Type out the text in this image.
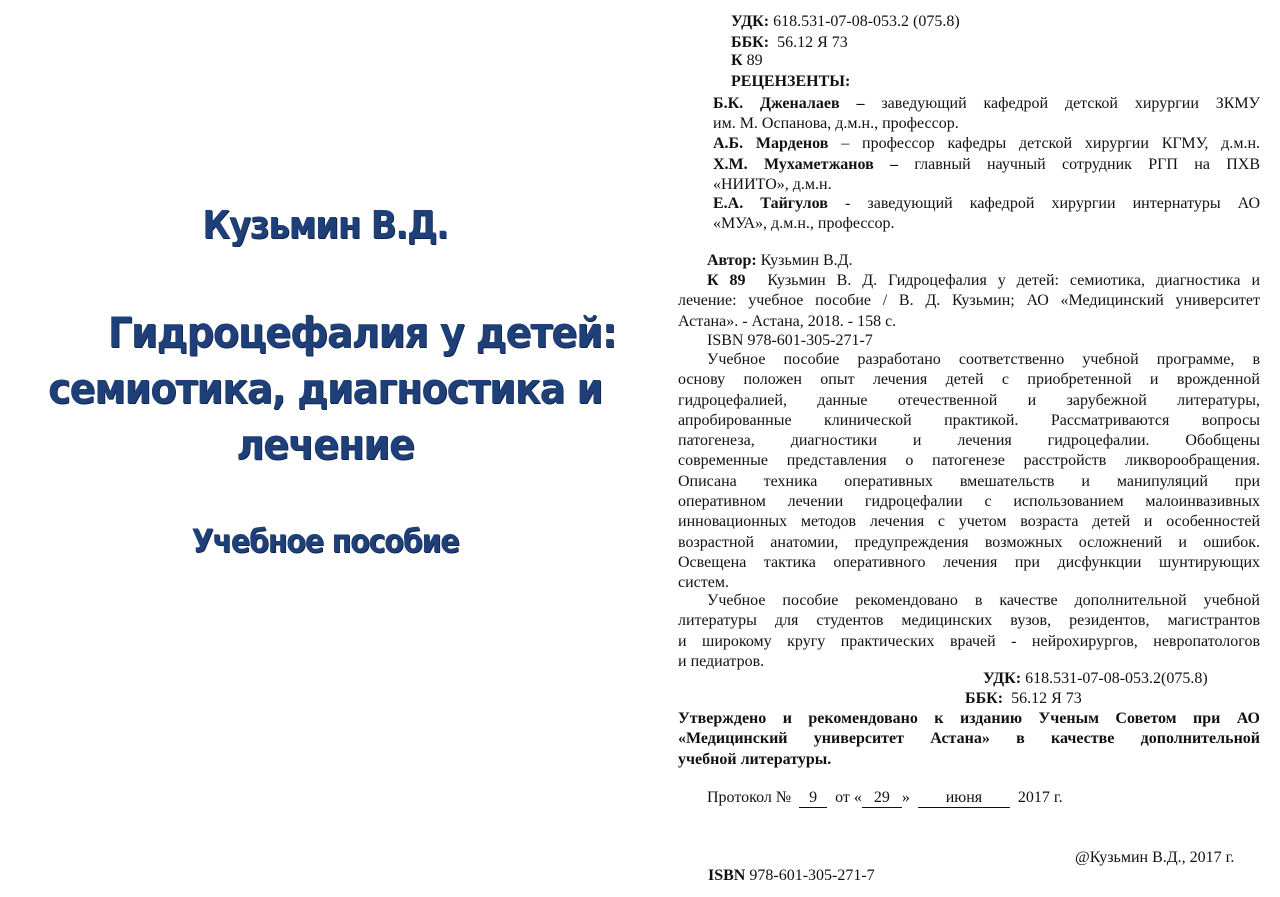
Кузьмин В.Д.
Гидроцефалия у детей:
семиотика, диагностика и
лечение
Учебное пособие
УДК: 618.531-07-08-053.2 (075.8)
ББК: 56.12 Я 73
К 89
РЕЦЕНЗЕНТЫ:
Б.К. Дженалаев – заведующий кафедрой детской хирургии ЗКМУ
им. М. Оспанова, д.м.н., профессор.
А.Б. Марденов – профессор кафедры детской хирургии КГМУ, д.м.н.
Х.М. Мухаметжанов – главный научный сотрудник РГП на ПХВ
«НИИТО», д.м.н.
Е.А. Тайгулов - заведующий кафедрой хирургии интернатуры АО
«МУА», д.м.н., профессор.
Автор: Кузьмин В.Д.
К 89 Кузьмин В. Д. Гидроцефалия у детей: семиотика, диагностика и
лечение: учебное пособие / В. Д. Кузьмин; АО «Медицинский университет
Астана». - Астана, 2018. - 158 с.
ISBN 978-601-305-271-7
Учебное пособие разработано соответственно учебной программе, в
основу положен опыт лечения детей с приобретенной и врожденной
гидроцефалией, данные отечественной и зарубежной литературы,
апробированные клинической практикой. Рассматриваются вопросы
патогенеза, диагностики и лечения гидроцефалии. Обобщены
современные представления о патогенезе расстройств ликворообращения.
Описана техника оперативных вмешательств и манипуляций при
оперативном лечении гидроцефалии с использованием малоинвазивных
инновационных методов лечения с учетом возраста детей и особенностей
возрастной анатомии, предупреждения возможных осложнений и ошибок.
Освещена тактика оперативного лечения при дисфункции шунтирующих
систем.
Учебное пособие рекомендовано в качестве дополнительной учебной
литературы для студентов медицинских вузов, резидентов, магистрантов
и широкому кругу практических врачей - нейрохирургов, невропатологов
и педиатров.
УДК: 618.531-07-08-053.2(075.8)
ББК: 56.12 Я 73
Утверждено и рекомендовано к изданию Ученым Советом при АО
«Медицинский университет Астана» в качестве дополнительной
учебной литературы.
Протокол № 9 от « 29 » июня 2017 г.
@Кузьмин В.Д., 2017 г.
ISBN 978-601-305-271-7
